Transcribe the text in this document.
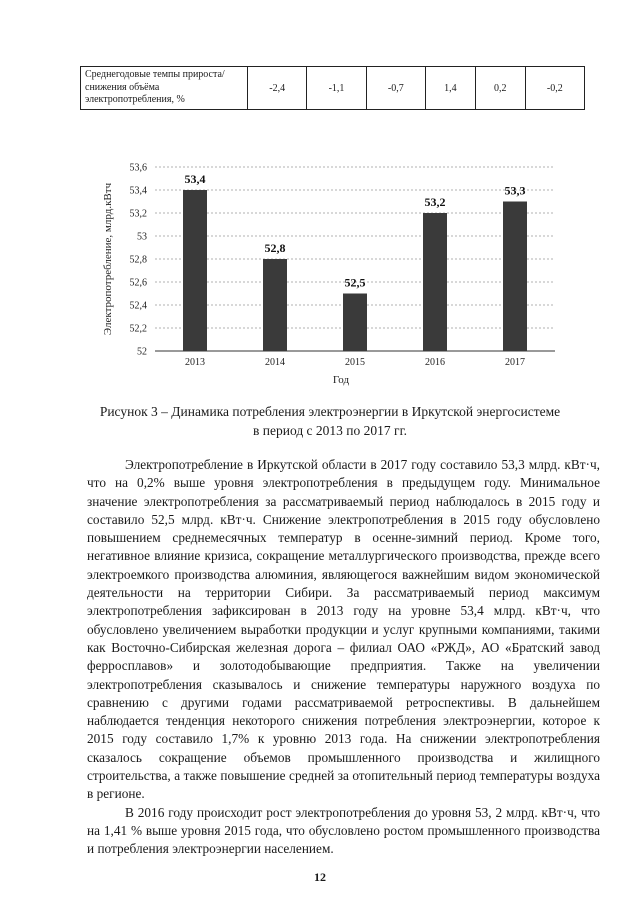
Среднегодовые темпы прироста/снижения объёма электропотребления, %	-2,4	-1,1	-0,7	1,4	0,2	-0,2
52
52,2
52,4
52,6
52,8
53
53,2
53,4
53,6
53,4
2013
52,8
2014
52,5
2015
53,2
2016
53,3
2017
Год
Электропотребление, млрд.кВтч
Рисунок 3 – Динамика потребления электроэнергии в Иркутской энергосистеме
в период с 2013 по 2017 гг.

Электропотребление в Иркутской области в 2017 году составило 53,3 млрд. кВт·ч, что на 0,2% выше уровня электропотребления в предыдущем году. Минимальное значение электропотребления за рассматриваемый период наблюдалось в 2015 году и составило 52,5 млрд. кВт·ч. Снижение электропотребления в 2015 году обусловлено повышением среднемесячных температур в осенне-зимний период. Кроме того, негативное влияние кризиса, сокращение металлургического производства, прежде всего электроемкого производства алюминия, являющегося важнейшим видом экономической деятельности на территории Сибири. За рассматриваемый период максимум электропотребления зафиксирован в 2013 году на уровне 53,4 млрд. кВт·ч, что обусловлено увеличением выработки продукции и услуг крупными компаниями, такими как Восточно-Сибирская железная дорога – филиал ОАО «РЖД», АО «Братский завод ферросплавов» и золотодобывающие предприятия. Также на увеличении электропотребления сказывалось и снижение температуры наружного воздуха по сравнению с другими годами рассматриваемой ретроспективы. В дальнейшем наблюдается тенденция некоторого снижения потребления электроэнергии, которое к 2015 году составило 1,7% к уровню 2013 года. На снижении электропотребления сказалось сокращение объемов промышленного производства и жилищного строительства, а также повышение средней за отопительный период температуры воздуха в регионе.

В 2016 году происходит рост электропотребления до уровня 53, 2 млрд. кВт·ч, что на 1,41 % выше уровня 2015 года, что обусловлено ростом промышленного производства и потребления электроэнергии населением.

12
